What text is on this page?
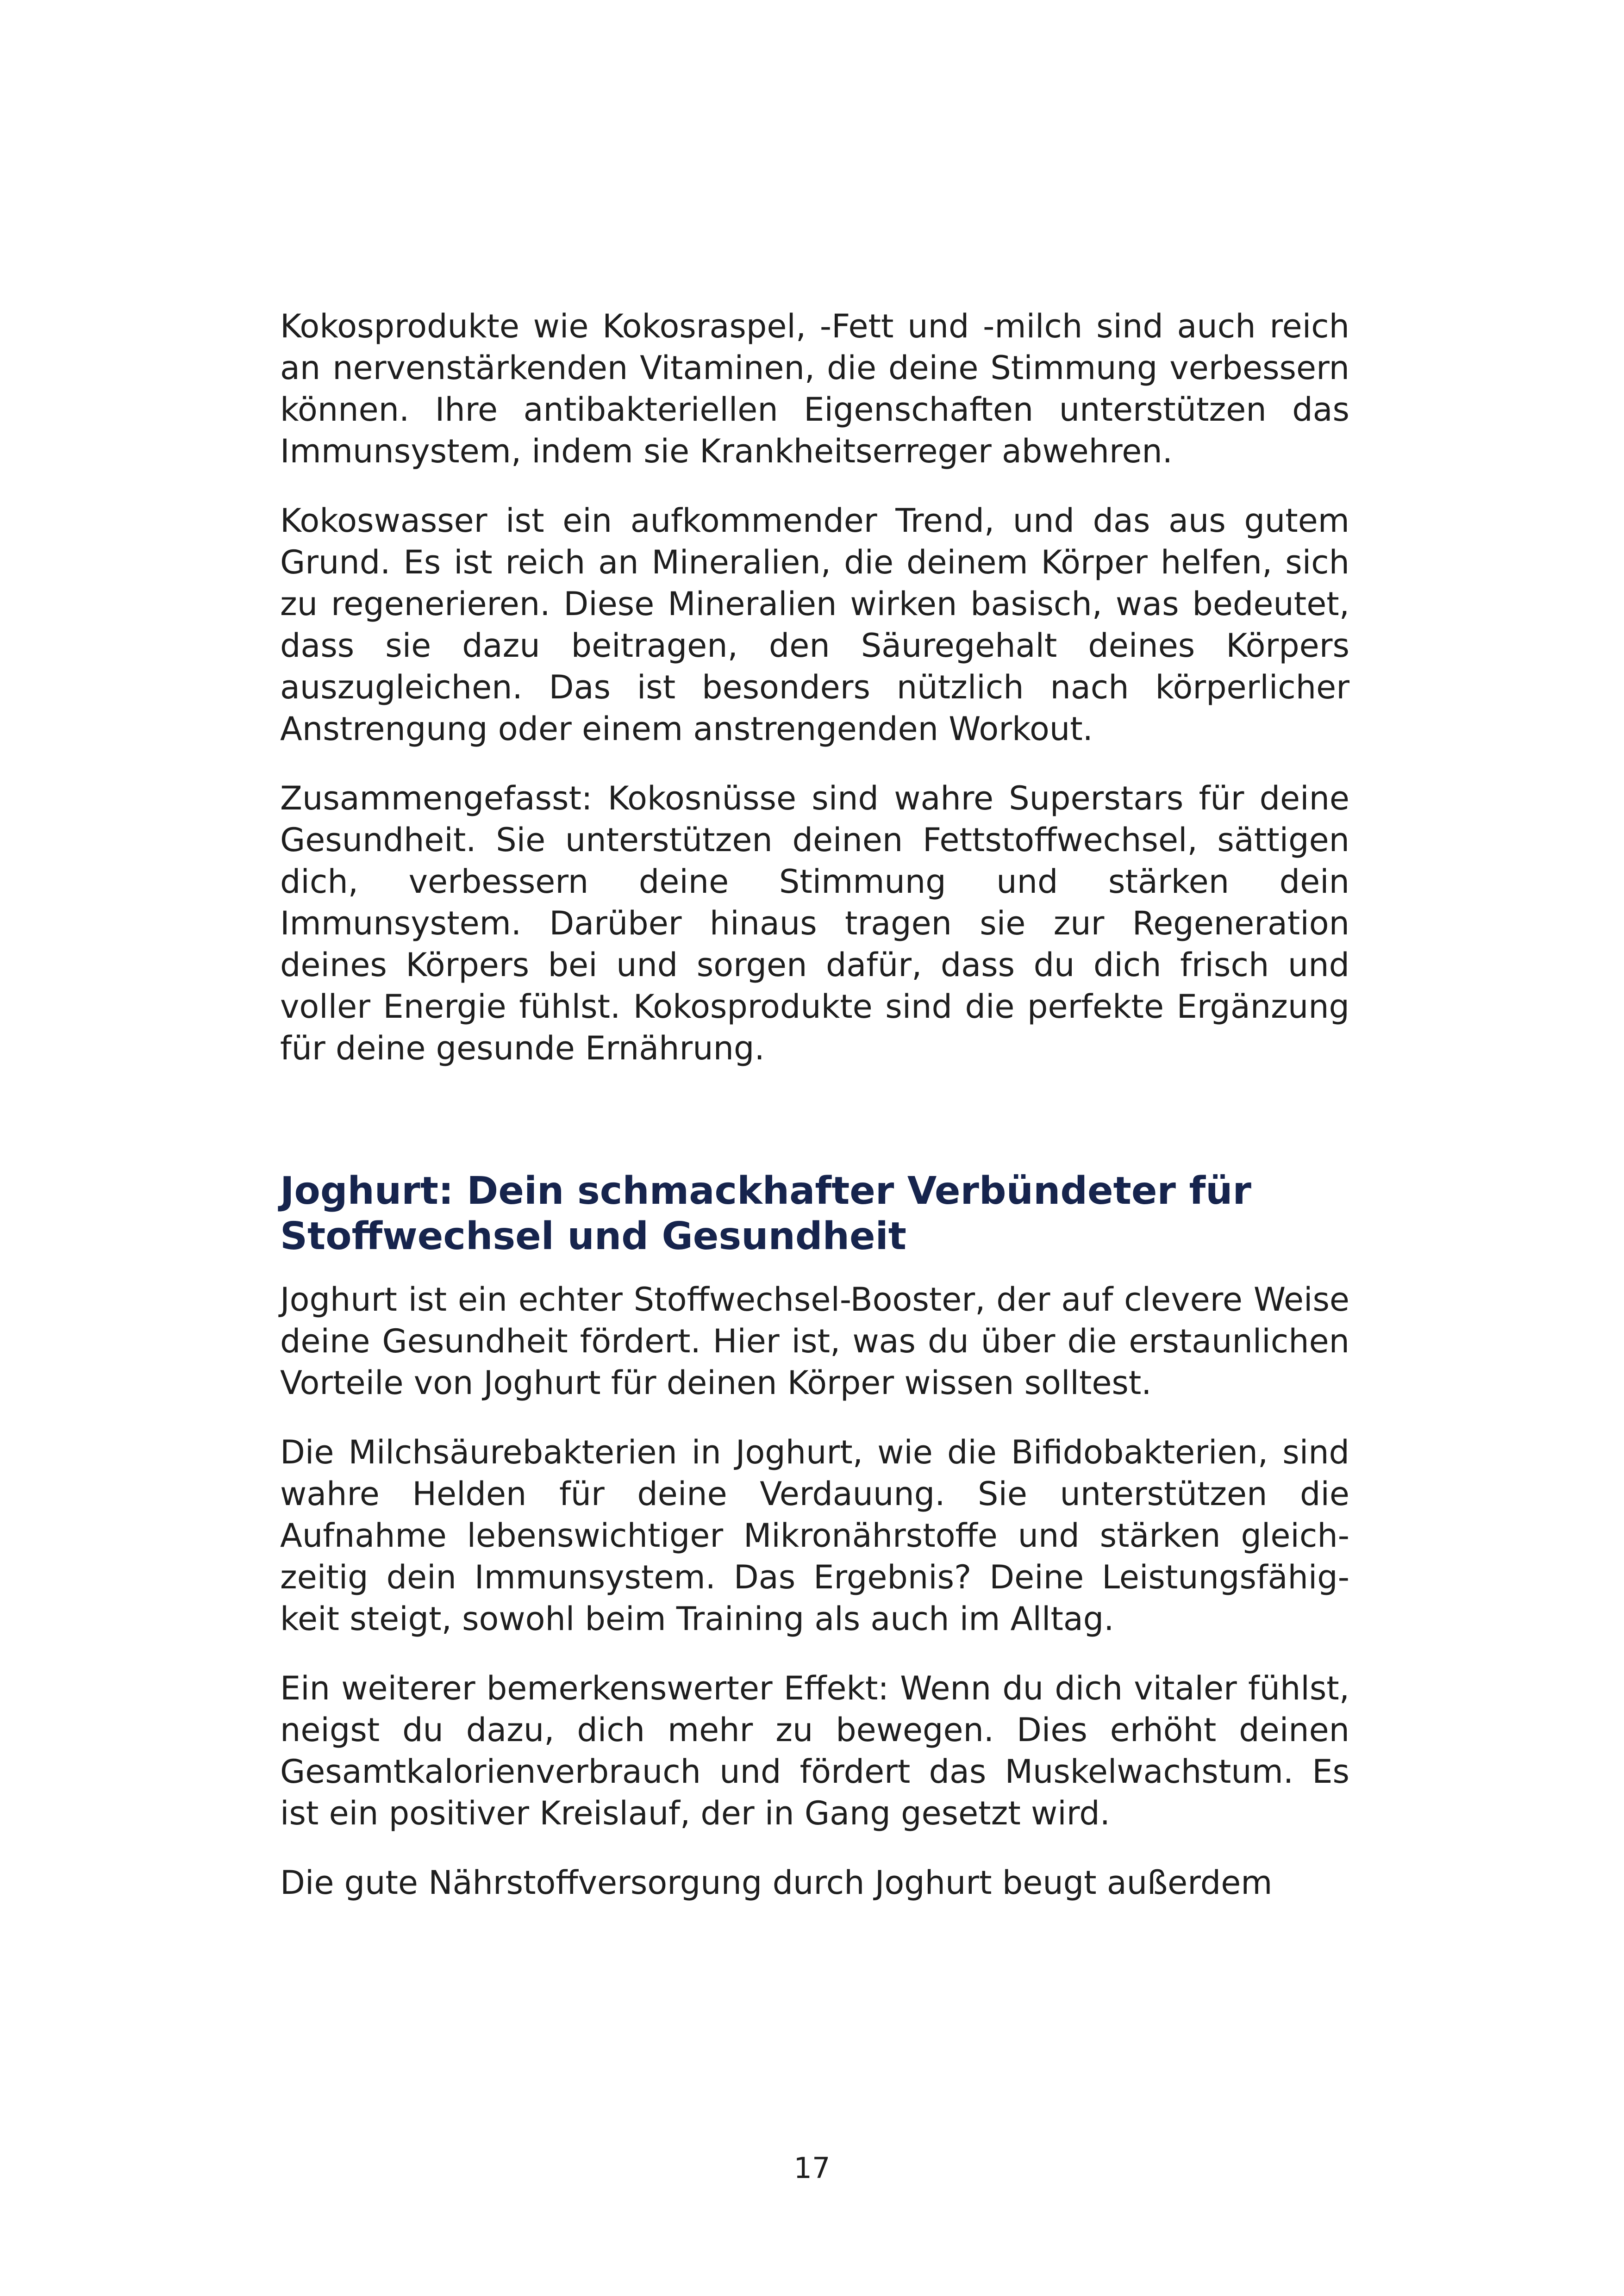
Kokosprodukte wie Kokosraspel, -Fett und -milch sind auch reich an nervenstärkenden Vitaminen, die deine Stimmung verbessern können. Ihre antibakteriellen Eigenschaften unterstützen das Immunsystem, indem sie Krankheitserreger abwehren.

Kokoswasser ist ein aufkommender Trend, und das aus gutem Grund. Es ist reich an Mineralien, die deinem Körper helfen, sich zu regenerieren. Diese Mineralien wirken basisch, was bedeutet, dass sie dazu beitragen, den Säuregehalt deines Körpers auszugleichen. Das ist besonders nützlich nach körperlicher Anstrengung oder einem anstrengenden Workout.

Zusammengefasst: Kokosnüsse sind wahre Superstars für deine Gesundheit. Sie unterstützen deinen Fettstoffwechsel, sättigen dich, verbessern deine Stimmung und stärken dein Immunsystem. Darüber hinaus tragen sie zur Regeneration deines Körpers bei und sorgen dafür, dass du dich frisch und voller Energie fühlst. Kokosprodukte sind die perfekte Ergänzung für deine gesunde Ernährung.

Joghurt: Dein schmackhafter Verbündeter für
Stoffwechsel und Gesundheit

Joghurt ist ein echter Stoffwechsel-Booster, der auf clevere Weise deine Gesundheit fördert. Hier ist, was du über die erstaunlichen Vorteile von Joghurt für deinen Körper wissen solltest.

Die Milchsäurebakterien in Joghurt, wie die Bifidobakterien, sind wahre Helden für deine Verdauung. Sie unterstützen die Aufnahme lebenswichtiger Mikronährstoffe und stärken gleichzeitig dein Immunsystem. Das Ergebnis? Deine Leistungsfähigkeit steigt, sowohl beim Training als auch im Alltag.

Ein weiterer bemerkenswerter Effekt: Wenn du dich vitaler fühlst, neigst du dazu, dich mehr zu bewegen. Dies erhöht deinen Gesamtkalorienverbrauch und fördert das Muskelwachstum. Es ist ein positiver Kreislauf, der in Gang gesetzt wird.

Die gute Nährstoffversorgung durch Joghurt beugt außerdem

17
